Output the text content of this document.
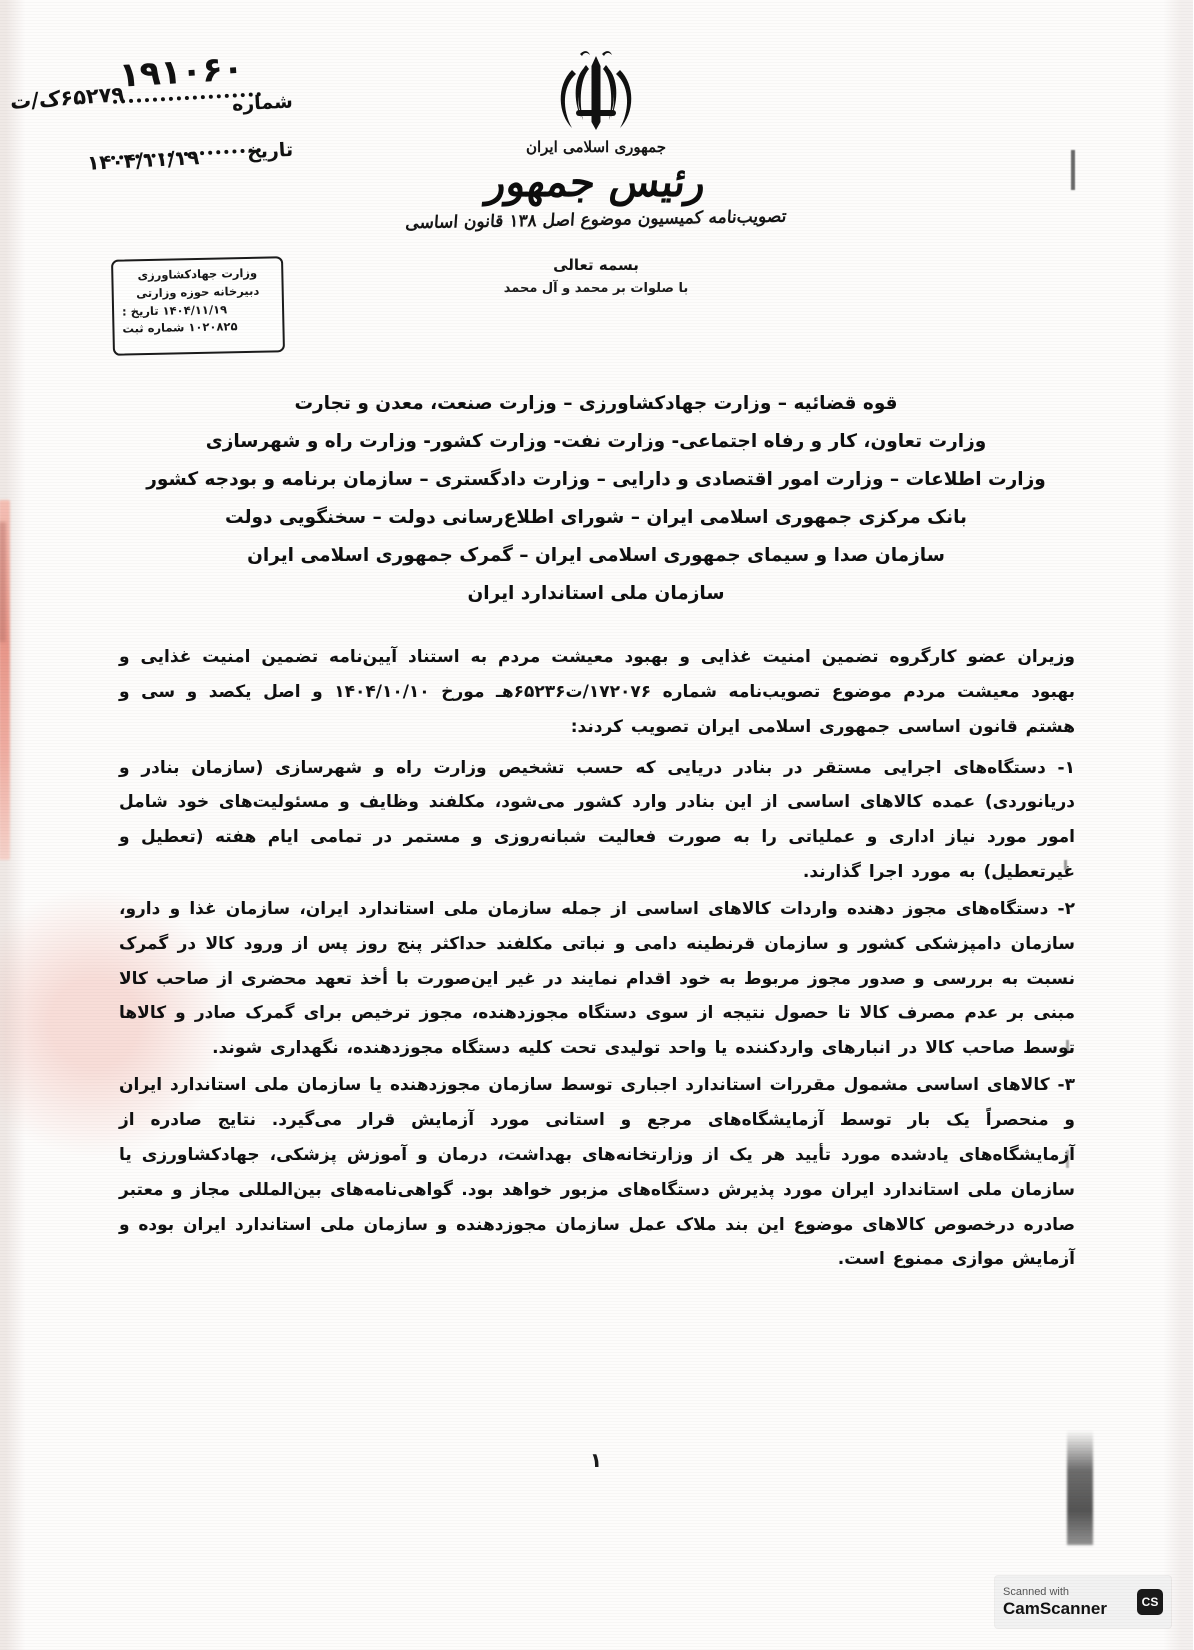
۱۹۱۰۶۰
شماره
تاریخ
۶۵۲۷۹ک/ت
۱۴۰۴/۱۱/۱۹
وزارت جهادکشاورزی
دبیرخانه حوزه وزارتی
۱۴۰۴/۱۱/۱۹
تاریخ :
۱۰۲۰۸۲۵
شماره ثبت
جمهوری اسلامی ایران
رئیس جمهور
تصویب‌نامه کمیسیون موضوع اصل ۱۳۸ قانون اساسی
بسمه تعالی
با صلوات بر محمد و آل محمد
قوه قضائیه – وزارت جهادکشاورزی – وزارت صنعت، معدن و تجارت
وزارت تعاون، کار و رفاه اجتماعی- وزارت نفت- وزارت کشور- وزارت راه و شهرسازی
وزارت اطلاعات – وزارت امور اقتصادی و دارایی – وزارت دادگستری – سازمان برنامه و بودجه کشور
بانک مرکزی جمهوری اسلامی ایران – شورای اطلاع‌رسانی دولت – سخنگویی دولت
سازمان صدا و سیمای جمهوری اسلامی ایران – گمرک جمهوری اسلامی ایران
سازمان ملی استاندارد ایران

وزیران عضو کارگروه تضمین امنیت غذایی و بهبود معیشت مردم به استناد آیین‌نامه تضمین امنیت غذایی و بهبود معیشت مردم موضوع تصویب‌نامه شماره ۱۷۲۰۷۶/ت۶۵۲۳۶هـ مورخ ۱۴۰۴/۱۰/۱۰ و اصل یکصد و سی و هشتم قانون اساسی جمهوری اسلامی ایران تصویب کردند:

۱- دستگاه‌های اجرایی مستقر در بنادر دریایی که حسب تشخیص وزارت راه و شهرسازی (سازمان بنادر و دریانوردی) عمده کالاهای اساسی از این بنادر وارد کشور می‌شود، مکلفند وظایف و مسئولیت‌های خود شامل امور مورد نیاز اداری و عملیاتی را به صورت فعالیت شبانه‌روزی و مستمر در تمامی ایام هفته (تعطیل و غیرتعطیل) به مورد اجرا گذارند.

۲- دستگاه‌های مجوز دهنده واردات کالاهای اساسی از جمله سازمان ملی استاندارد ایران، سازمان غذا و دارو، سازمان دامپزشکی کشور و سازمان قرنطینه دامی و نباتی مکلفند حداکثر پنج روز پس از ورود کالا در گمرک نسبت به بررسی و صدور مجوز مربوط به خود اقدام نمایند در غیر این‌صورت با أخذ تعهد محضری از صاحب کالا مبنی بر عدم مصرف کالا تا حصول نتیجه از سوی دستگاه مجوزدهنده، مجوز ترخیص برای گمرک صادر و کالاها توسط صاحب کالا در انبارهای واردکننده یا واحد تولیدی تحت کلیه دستگاه مجوزدهنده، نگهداری شوند.

۳- کالاهای اساسی مشمول مقررات استاندارد اجباری توسط سازمان مجوزدهنده یا سازمان ملی استاندارد ایران و منحصراً یک بار توسط آزمایشگاه‌های مرجع و استانی مورد آزمایش قرار می‌گیرد. نتایج صادره از آزمایشگاه‌های یادشده مورد تأیید هر یک از وزارتخانه‌های بهداشت، درمان و آموزش پزشکی، جهادکشاورزی یا سازمان ملی استاندارد ایران مورد پذیرش دستگاه‌های مزبور خواهد بود. گواهی‌نامه‌های بین‌المللی مجاز و معتبر صادره درخصوص کالاهای موضوع این بند ملاک عمل سازمان مجوزدهنده و سازمان ملی استاندارد ایران بوده و آزمایش موازی ممنوع است.

۱
CS
Scanned with
CamScanner
